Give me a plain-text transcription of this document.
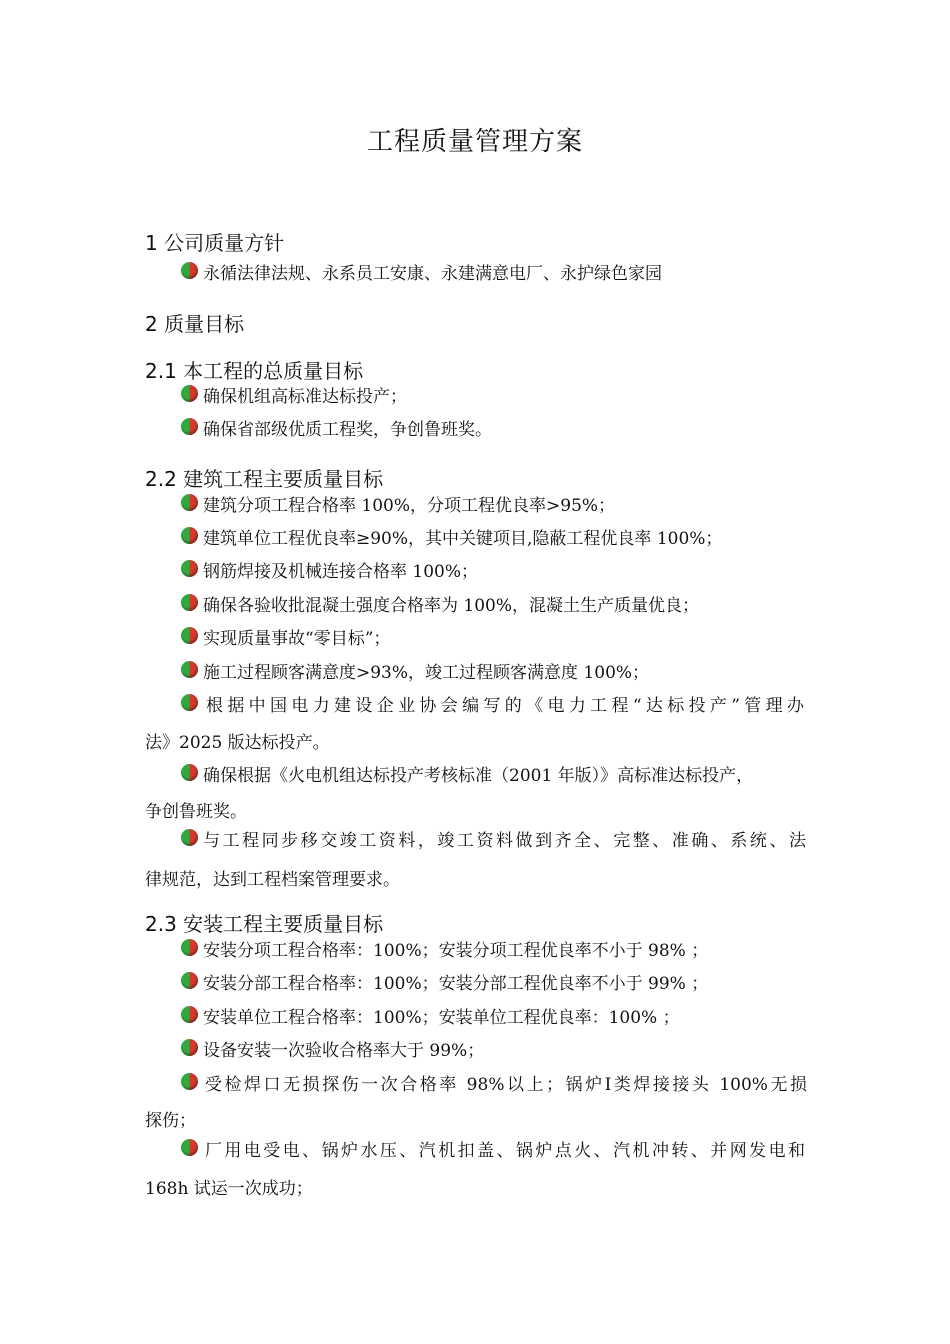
工程质量管理方案
1 公司质量方针
永循法律法规、永系员工安康、永建满意电厂、永护绿色家园
2 质量目标
2.1 本工程的总质量目标
确保机组高标准达标投产；
确保省部级优质工程奖，争创鲁班奖。
2.2 建筑工程主要质量目标
建筑分项工程合格率 100%，分项工程优良率>95%；
建筑单位工程优良率≥90%，其中关键项目,隐蔽工程优良率 100%；
钢筋焊接及机械连接合格率 100%；
确保各验收批混凝土强度合格率为 100%，混凝土生产质量优良；
实现质量事故“零目标”；
施工过程顾客满意度>93%，竣工过程顾客满意度 100%；
根据中国电力建设企业协会编写的《电力工程“达标投产”管理办
法》2025 版达标投产。
确保根据《火电机组达标投产考核标准（2001 年版）》高标准达标投产，
争创鲁班奖。
与工程同步移交竣工资料，竣工资料做到齐全、完整、准确、系统、法
律规范，达到工程档案管理要求。
2.3 安装工程主要质量目标
安装分项工程合格率：100%；安装分项工程优良率不小于 98% ；
安装分部工程合格率：100%；安装分部工程优良率不小于 99% ；
安装单位工程合格率：100%；安装单位工程优良率：100% ；
设备安装一次验收合格率大于 99%；
受检焊口无损探伤一次合格率 98%以上；锅炉Ⅰ类焊接接头 100%无损
探伤；
厂用电受电、锅炉水压、汽机扣盖、锅炉点火、汽机冲转、并网发电和
168h 试运一次成功；
